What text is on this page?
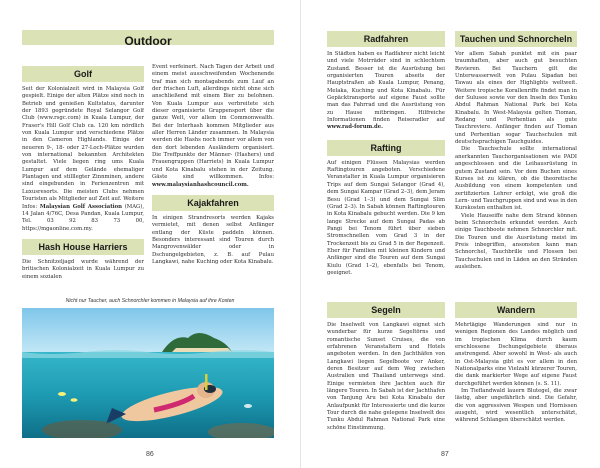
Outdoor
Golf

Seit der Kolonialzeit wird in Malaysia Golf gespielt. Einige der alten Plätze sind noch in Betrieb und genießen Kultstatus, darunter der 1893 gegründete Royal Selangor Golf Club (www.rsgc.com) in Kuala Lumpur, der Fraser's Hill Golf Club ca. 120 km nördlich von Kuala Lumpur und verschiedene Plätze in den Cameron Highlands. Einige der neueren 9-, 18- oder 27-Loch-Plätze wurden von international bekannten Architekten gestaltet. Viele liegen ring ums Kuala Lumpur auf dem Gelände ehemaliger Plantagen und stilllegter Zinnminen, andere sind eingebunden in Ferienzentren mit Luxusresorts. Die meisten Clubs nehmen Touristen als Mitglieder auf Zeit auf. Weitere Infos: Malaysian Golf Association (MAG), 14 Jalan 4/76C, Desa Pandan, Kuala Lumpur, Tel. 03 92 83 73 00, https://mgaonline.com.my.

Hash House Harriers

Die Schnitzeljagd wurde während der britischen Kolonialzeit in Kuala Lumpur zu einem sozialen

Event verfeinert. Nach Tagen der Arbeit und einem meist ausschweifenden Wochenende traf man sich montagabends zum Lauf an der frischen Luft, allerdings nicht ohne sich anschließend mit einem Bier zu belohnen. Von Kuala Lumpur aus verbreitete sich dieser organisierte Gruppensport über die ganze Welt, vor allem im Commonwealth. Bei der Interhash kommen Mitglieder aus aller Herren Länder zusammen. In Malaysia werden die Hashs noch immer vor allem von den dort lebenden Ausländern organisiert. Die Treffpunkte der Männer- (Hashers) und Frauengruppen (Harriets) in Kuala Lumpur und Kota Kinabalu stehen in der Zeitung. Gäste sind willkommen. Infos: www.malaysianhashcouncil.com.

Kajakfahren

In einigen Strandresorts werden Kajaks vermietet, mit denen selbst Anfänger entlang der Küste paddeln können. Besonders interessant sind Touren durch Mangrovenwälder oder in Dschungelgebieten, z. B. auf Pulau Langkawi, nahe Kuching oder Kota Kinabalu.

Nicht nur Taucher, auch Schnorchler kommen in Malaysia auf ihre Kosten
86
Radfahren

In Städten haben es Radfahrer nicht leicht und viele Motrräder sind in schlechtem Zustand. Besser ist die Ausrüstung bei organisierten Touren abseits der Hauptstraßen ab Kuala Lumpur, Penang, Melaka, Kuching und Kota Kinabalu. Für Gepäcktransporte auf eigene Faust sollte man das Fahrrad und die Ausrüstung von zu Hause mitbringen. Hilfreiche Informationen finden Reiseradler auf www.rad-forum.de.

Rafting

Auf einigen Flüssen Malaysias werden Raftingtouren angeboten. Verschiedene Veranstalter in Kuala Lumpur organisieren Trips auf dem Sungai Selangor (Grad 4), dem Sungai Kampar (Grad 2–3), dem Jeram Besu (Grad 1–3) und dem Sungai Slim (Grad 2–3). In Sabah können Raftingtouren in Kota Kinabalu gebucht werden. Die 9 km lange Strecke auf dem Sungai Padas ab Pangi bei Tenom führt über sieben Stromschnellen vom Grad 3 in der Trockenzeit bis zu Grad 5 in der Regenzeit. Eher für Familien mit kleinen Kindern und Anfänger sind die Touren auf dem Sungai Kiulu (Grad 1–2), ebenfalls bei Tenom, geeignet.

Tauchen und Schnorcheln

Vor allem Sabah punktet mit ein paar traumhaften, aber auch gut besuchten Revieren. Bei Tauchern gilt die Unterwasserwelt von Pulau Sipadan bei Tawau als eines der Highlights weltweit. Weitere tropische Korallenriffe findet man in der Sulusee sowie vor den Inseln des Tunku Abdul Rahman National Park bei Kota Kinabalu. In West-Malaysia gelten Tioman, Redang und Perhentian als gute Tauchreviere. Anfänger finden auf Tioman und Perhentian sogar Tauchschulen mit deutschsprachigen Tauchguides.

Die Tauchschule sollte international anerkannten Tauchorganisationen wie PADI angeschlossen und die Leihausrüstung in gutem Zustand sein. Vor dem Buchen eines Kurses ist zu klären, ob die theoretische Ausbildung von einem kompetenten und zertifizierten Lehrer erfolgt, wie groß die Lern- und Tauchgruppen sind und was in den Kurskosten enthalten ist.

Viele Hauseiffe nahe dem Strand können beim Schnorcheln erkundet werden. Auch einige Tauchboote nehmen Schnorchler mit. Die Touren und die Ausrüstung meist im Preis inbegriffen, ansonsten kann man Schnorchel, Tauchbrille und Flossen bei Tauchschulen und in Läden an den Stränden ausleihen.

Segeln

Die Inselwelt von Langkawi eignet sich wunderbar für kurze Segeltörns und romantische Sunset Cruises, die von erfahrenen Veranstaltern und Hotels angeboten werden. In den Jachthäfen von Langkawi liegen Segelboote vor Anker, deren Besitzer auf dem Weg zwischen Australien und Thailand unterwegs sind. Einige vermieten ihre Jachten auch für längere Touren. In Sabah ist der Jachthafen von Tanjung Aru bei Kota Kinabalu der Anlaufpunkt für Interessierte und die kurze Tour durch die nahe gelegene Inselwelt des Tunku Abdul Rahman National Park eine schöne Einstimmung.

Wandern

Mehrtägige Wanderungen sind nur in wenigen Regionen des Landes möglich und im tropischen Klima durch kaum erschlossene Dschungelgebiete überaus anstrengend. Aber sowohl in West- als auch in Ost-Malaysia gibt es vor allem in den Nationalparks eine Vielzahl kürzerer Touren, die dank markierter Wege auf eigene Faust durchgeführt werden können (s. S. 11).

Im Tieflandwald lauern Blutegel, die zwar lästig, aber ungefährlich sind. Die Gefahr, die von aggressiven Wespen und Hornissen ausgeht, wird wesentlich unterschätzt, während Schlangen überschätzt werden.

87
